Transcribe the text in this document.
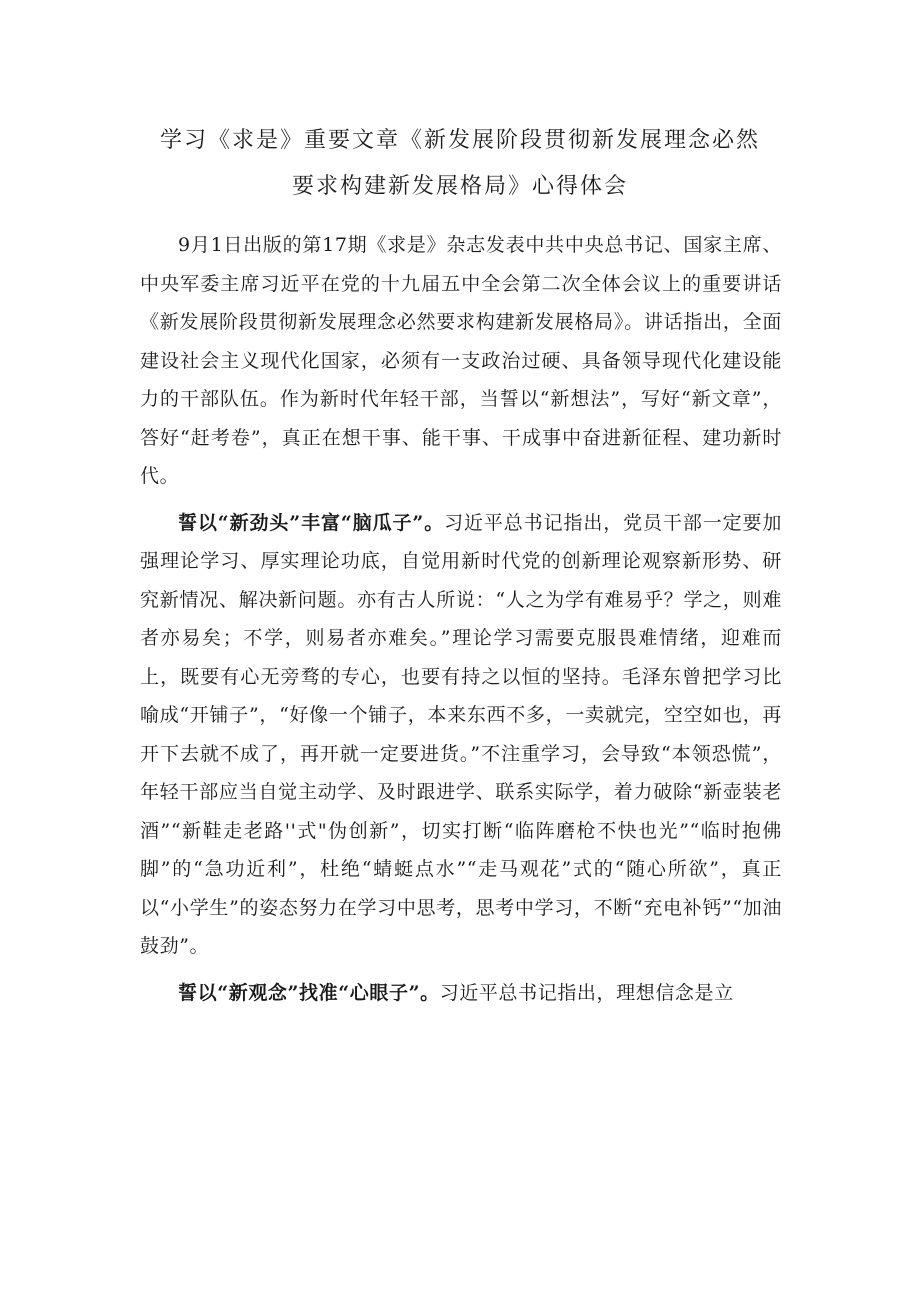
学习《求是》重要文章《新发展阶段贯彻新发展理念必然
要求构建新发展格局》心得体会

9月1日出版的第17期《求是》杂志发表中共中央总书记、国家主席、中央军委主席习近平在党的十九届五中全会第二次全体会议上的重要讲话《新发展阶段贯彻新发展理念必然要求构建新发展格局》。讲话指出，全面建设社会主义现代化国家，必须有一支政治过硬、具备领导现代化建设能力的干部队伍。作为新时代年轻干部，当誓以“新想法”，写好“新文章”，答好“赶考卷”，真正在想干事、能干事、干成事中奋进新征程、建功新时代。

誓以“新劲头”丰富“脑瓜子”。习近平总书记指出，党员干部一定要加强理论学习、厚实理论功底，自觉用新时代党的创新理论观察新形势、研究新情况、解决新问题。亦有古人所说：“人之为学有难易乎？学之，则难者亦易矣；不学，则易者亦难矣。”理论学习需要克服畏难情绪，迎难而上，既要有心无旁骛的专心，也要有持之以恒的坚持。毛泽东曾把学习比喻成“开铺子”，“好像一个铺子，本来东西不多，一卖就完，空空如也，再开下去就不成了，再开就一定要进货。”不注重学习，会导致“本领恐慌”，年轻干部应当自觉主动学、及时跟进学、联系实际学，着力破除“新壶装老酒”“新鞋走老路''式"伪创新”，切实打断“临阵磨枪不快也光”“临时抱佛脚”的“急功近利”，杜绝“蜻蜓点水”“走马观花”式的“随心所欲”，真正以“小学生”的姿态努力在学习中思考，思考中学习，不断“充电补钙”“加油鼓劲”。

誓以“新观念”找准“心眼子”。习近平总书记指出，理想信念是立
